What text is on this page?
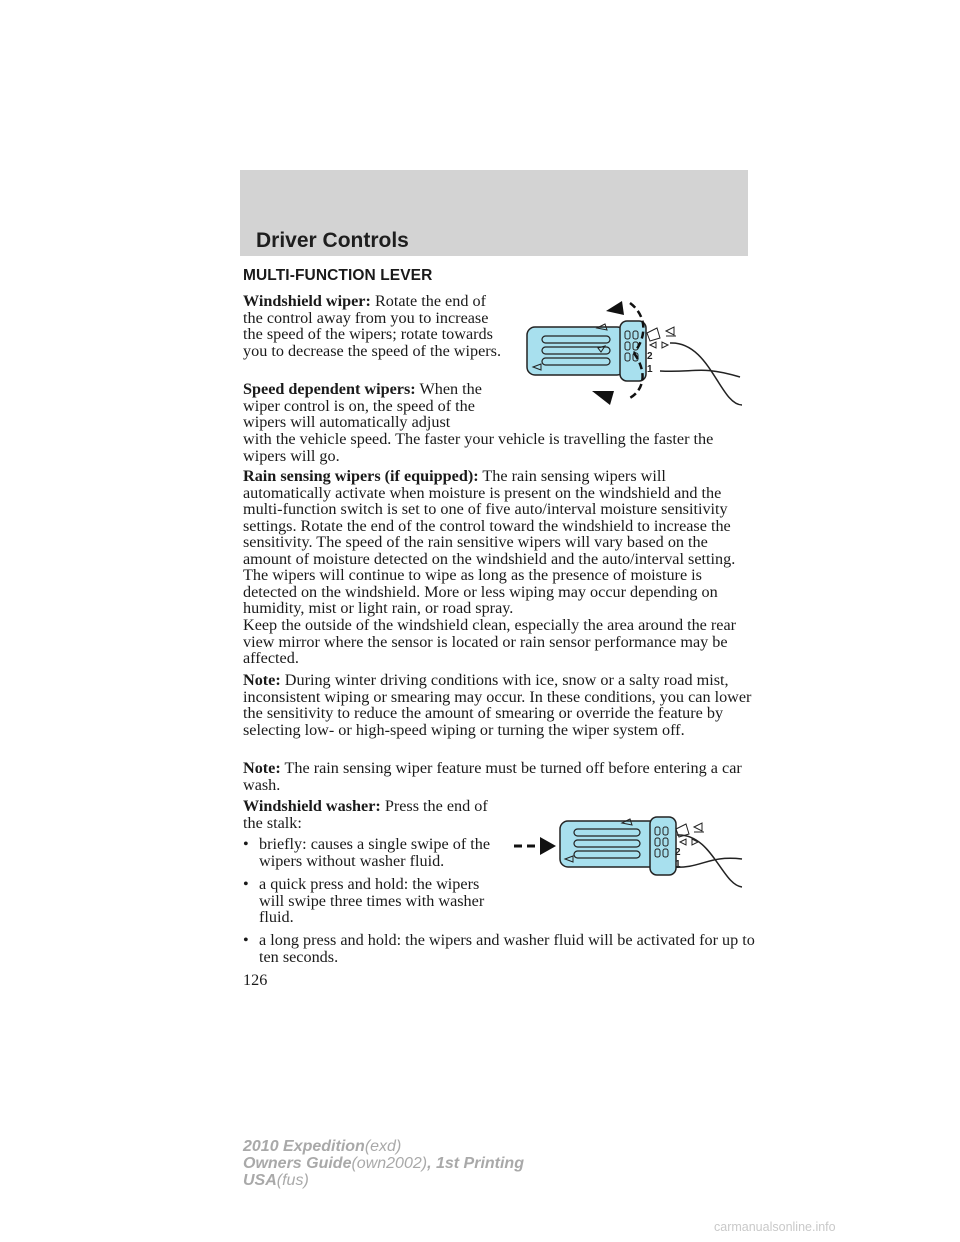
Driver Controls
MULTI-FUNCTION LEVER

Windshield wiper: Rotate the end of the control away from you to increase the speed of the wipers; rotate towards you to decrease the speed of the wipers.

Speed dependent wipers: When the wiper control is on, the speed of the wipers will automatically adjust

with the vehicle speed. The faster your vehicle is travelling the faster the wipers will go.

Rain sensing wipers (if equipped): The rain sensing wipers will automatically activate when moisture is present on the windshield and the multi-function switch is set to one of five auto/interval moisture sensitivity settings. Rotate the end of the control toward the windshield to increase the sensitivity. The speed of the rain sensitive wipers will vary based on the amount of moisture detected on the windshield and the auto/interval setting. The wipers will continue to wipe as long as the presence of moisture is detected on the windshield. More or less wiping may occur depending on humidity, mist or light rain, or road spray.

Keep the outside of the windshield clean, especially the area around the rear view mirror where the sensor is located or rain sensor performance may be affected.

Note: During winter driving conditions with ice, snow or a salty road mist, inconsistent wiping or smearing may occur. In these conditions, you can lower the sensitivity to reduce the amount of smearing or override the feature by selecting low- or high-speed wiping or turning the wiper system off.

Note: The rain sensing wiper feature must be turned off before entering a car wash.

Windshield washer: Press the end of the stalk:

• briefly: causes a single swipe of the wipers without washer fluid.
• a quick press and hold: the wipers will swipe three times with washer fluid.
• a long press and hold: the wipers and washer fluid will be activated for up to ten seconds.
126
2
1
2
1
2010 Expedition(exd)
Owners Guide(own2002), 1st Printing
USA(fus)
carmanualsonline.info
